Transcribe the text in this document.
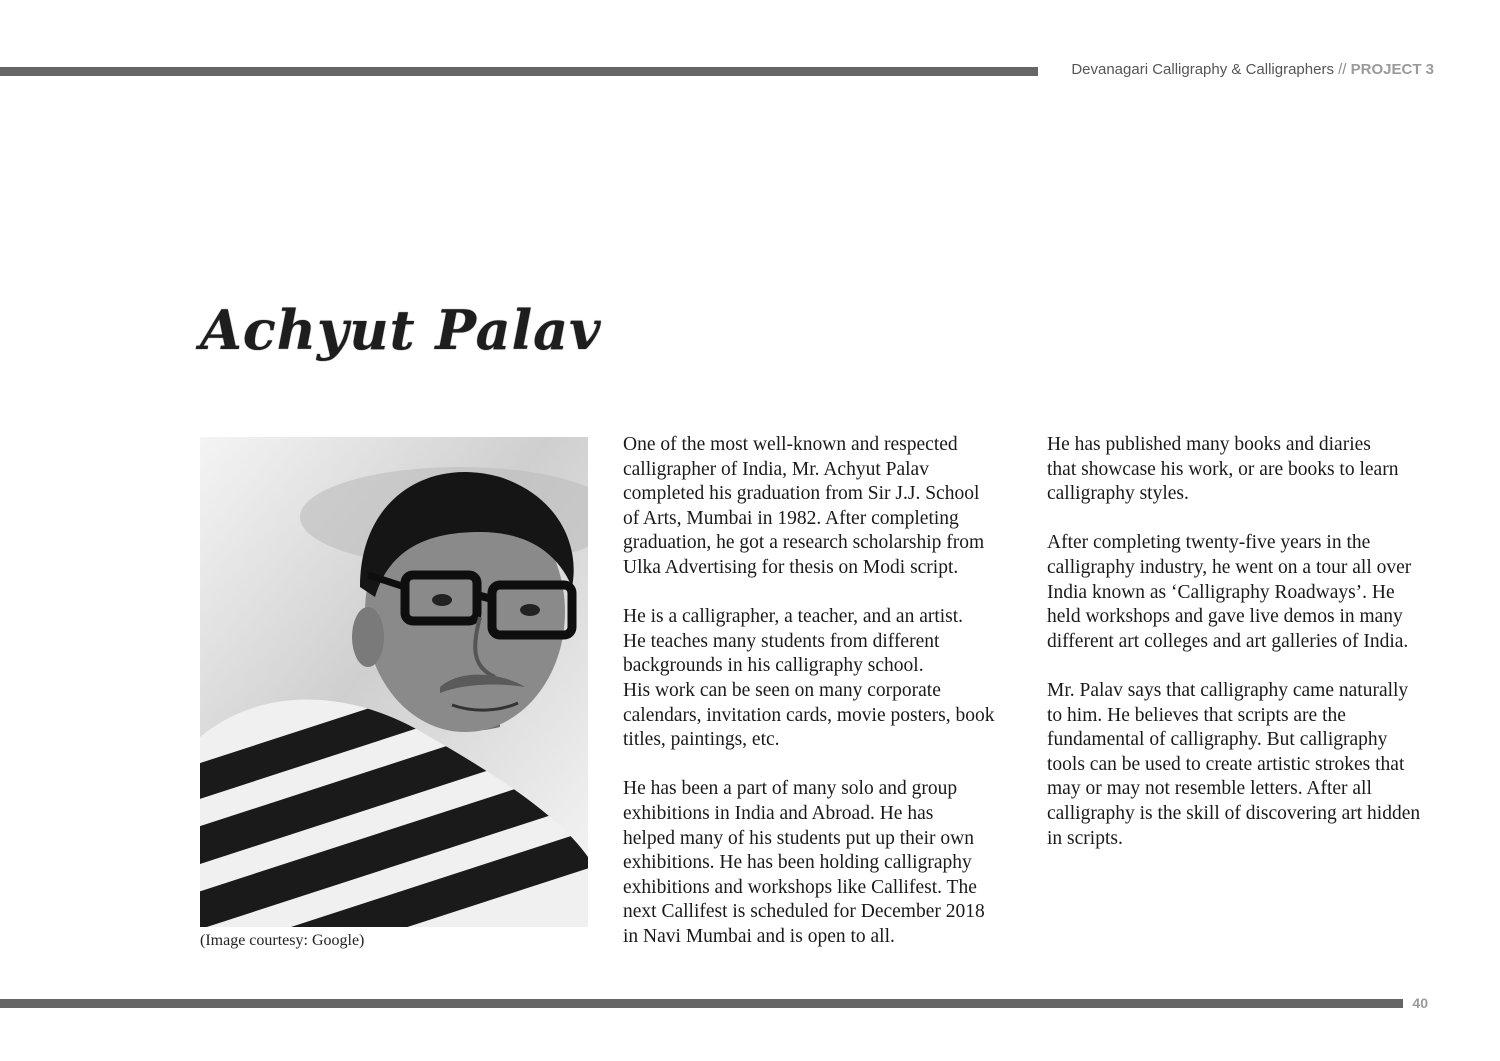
Devanagari Calligraphy & Calligraphers // PROJECT 3
Achyut Palav
(Image courtesy: Google)

One of the most well-known and respected
calligrapher of India, Mr. Achyut Palav
completed his graduation from Sir J.J. School
of Arts, Mumbai in 1982. After completing
graduation, he got a research scholarship from
Ulka Advertising for thesis on Modi script.

He is a calligrapher, a teacher, and an artist.
He teaches many students from different
backgrounds in his calligraphy school.

His work can be seen on many corporate
calendars, invitation cards, movie posters, book
titles, paintings, etc.

He has been a part of many solo and group
exhibitions in India and Abroad. He has
helped many of his students put up their own
exhibitions. He has been holding calligraphy
exhibitions and workshops like Callifest. The
next Callifest is scheduled for December 2018
in Navi Mumbai and is open to all.

He has published many books and diaries
that showcase his work, or are books to learn
calligraphy styles.

After completing twenty-five years in the
calligraphy industry, he went on a tour all over
India known as ‘Calligraphy Roadways’. He
held workshops and gave live demos in many
different art colleges and art galleries of India.

Mr. Palav says that calligraphy came naturally
to him. He believes that scripts are the
fundamental of calligraphy. But calligraphy
tools can be used to create artistic strokes that
may or may not resemble letters. After all
calligraphy is the skill of discovering art hidden
in scripts.

40
